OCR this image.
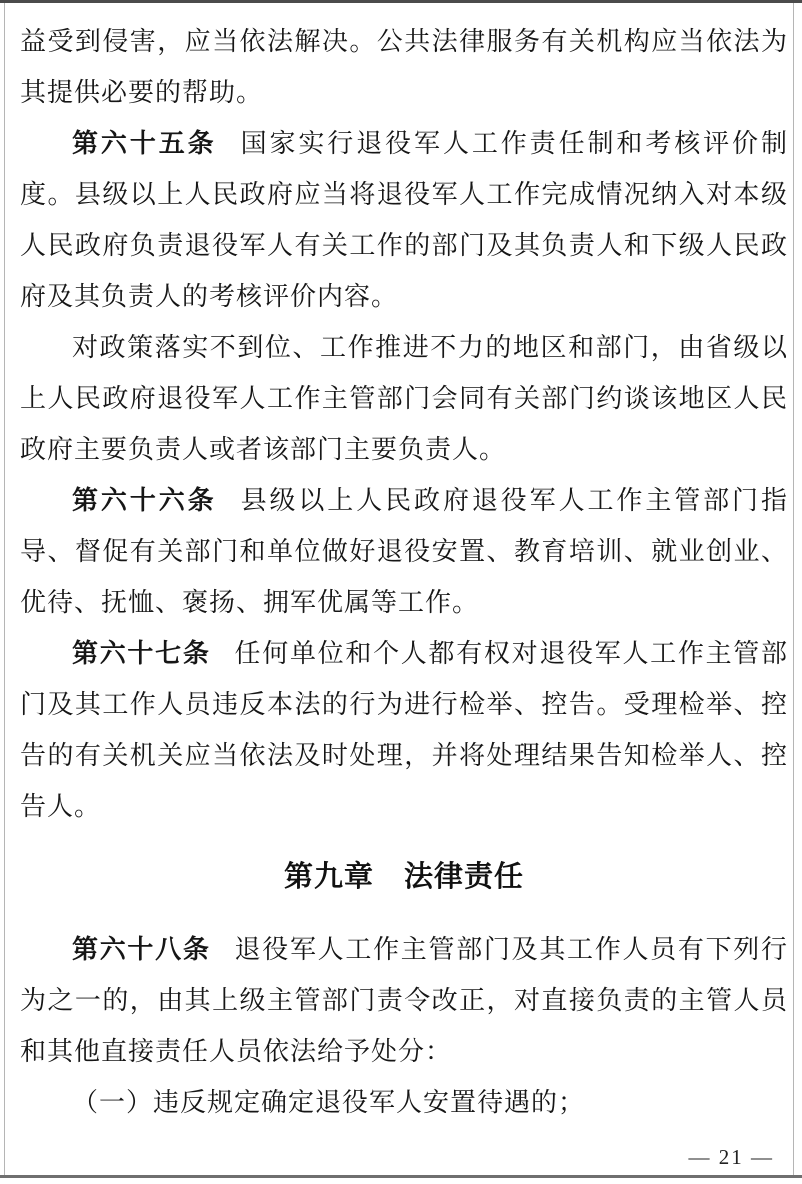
益受到侵害，应当依法解决。公共法律服务有关机构应当依法为
其提供必要的帮助。
第六十五条 国家实行退役军人工作责任制和考核评价制
度。县级以上人民政府应当将退役军人工作完成情况纳入对本级
人民政府负责退役军人有关工作的部门及其负责人和下级人民政
府及其负责人的考核评价内容。
对政策落实不到位、工作推进不力的地区和部门，由省级以
上人民政府退役军人工作主管部门会同有关部门约谈该地区人民
政府主要负责人或者该部门主要负责人。
第六十六条 县级以上人民政府退役军人工作主管部门指
导、督促有关部门和单位做好退役安置、教育培训、就业创业、
优待、抚恤、褒扬、拥军优属等工作。
第六十七条 任何单位和个人都有权对退役军人工作主管部
门及其工作人员违反本法的行为进行检举、控告。受理检举、控
告的有关机关应当依法及时处理，并将处理结果告知检举人、控
告人。
第九章　法律责任
第六十八条 退役军人工作主管部门及其工作人员有下列行
为之一的，由其上级主管部门责令改正，对直接负责的主管人员
和其他直接责任人员依法给予处分：
（一）违反规定确定退役军人安置待遇的；
— 21 —
